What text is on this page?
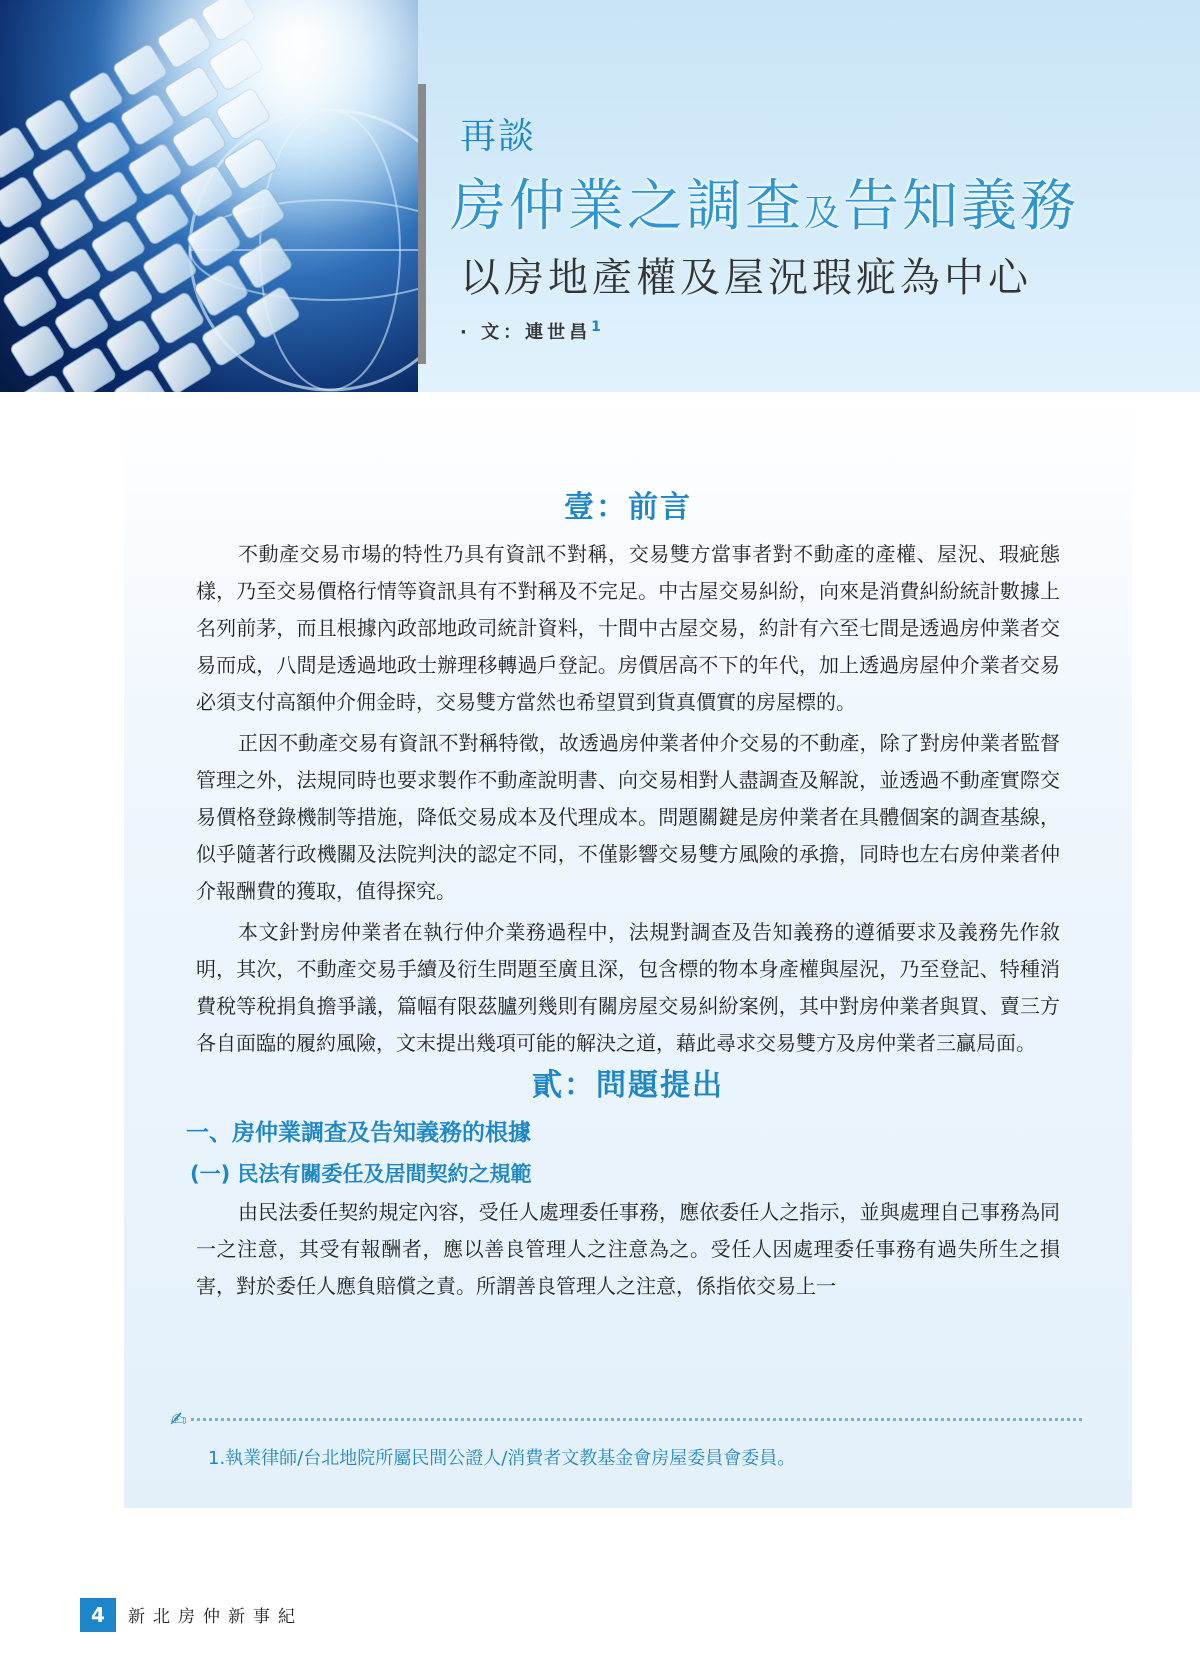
再談
房仲業之調查及告知義務
以房地產權及屋況瑕疵為中心
· 文：連世昌$^1$
壹：前言

不動產交易市場的特性乃具有資訊不對稱，交易雙方當事者對不動產的產權、屋況、瑕疵態樣，乃至交易價格行情等資訊具有不對稱及不完足。中古屋交易糾紛，向來是消費糾紛統計數據上名列前茅，而且根據內政部地政司統計資料，十間中古屋交易，約計有六至七間是透過房仲業者交易而成，八間是透過地政士辦理移轉過戶登記。房價居高不下的年代，加上透過房屋仲介業者交易必須支付高額仲介佣金時，交易雙方當然也希望買到貨真價實的房屋標的。

正因不動產交易有資訊不對稱特徵，故透過房仲業者仲介交易的不動產，除了對房仲業者監督管理之外，法規同時也要求製作不動產說明書、向交易相對人盡調查及解說，並透過不動產實際交易價格登錄機制等措施，降低交易成本及代理成本。問題關鍵是房仲業者在具體個案的調查基線，似乎隨著行政機關及法院判決的認定不同，不僅影響交易雙方風險的承擔，同時也左右房仲業者仲介報酬費的獲取，值得探究。

本文針對房仲業者在執行仲介業務過程中，法規對調查及告知義務的遵循要求及義務先作敘明，其次，不動產交易手續及衍生問題至廣且深，包含標的物本身產權與屋況，乃至登記、特種消費稅等稅捐負擔爭議，篇幅有限茲臚列幾則有關房屋交易糾紛案例，其中對房仲業者與買、賣三方各自面臨的履約風險，文末提出幾項可能的解決之道，藉此尋求交易雙方及房仲業者三贏局面。

貳：問題提出
一、房仲業調查及告知義務的根據
(一) 民法有關委任及居間契約之規範

由民法委任契約規定內容，受任人處理委任事務，應依委任人之指示，並與處理自己事務為同一之注意，其受有報酬者，應以善良管理人之注意為之。受任人因處理委任事務有過失所生之損害，對於委任人應負賠償之責。所謂善良管理人之注意，係指依交易上一

✍
1.執業律師/台北地院所屬民間公證人/消費者文教基金會房屋委員會委員。
4	新北房仲新事紀
